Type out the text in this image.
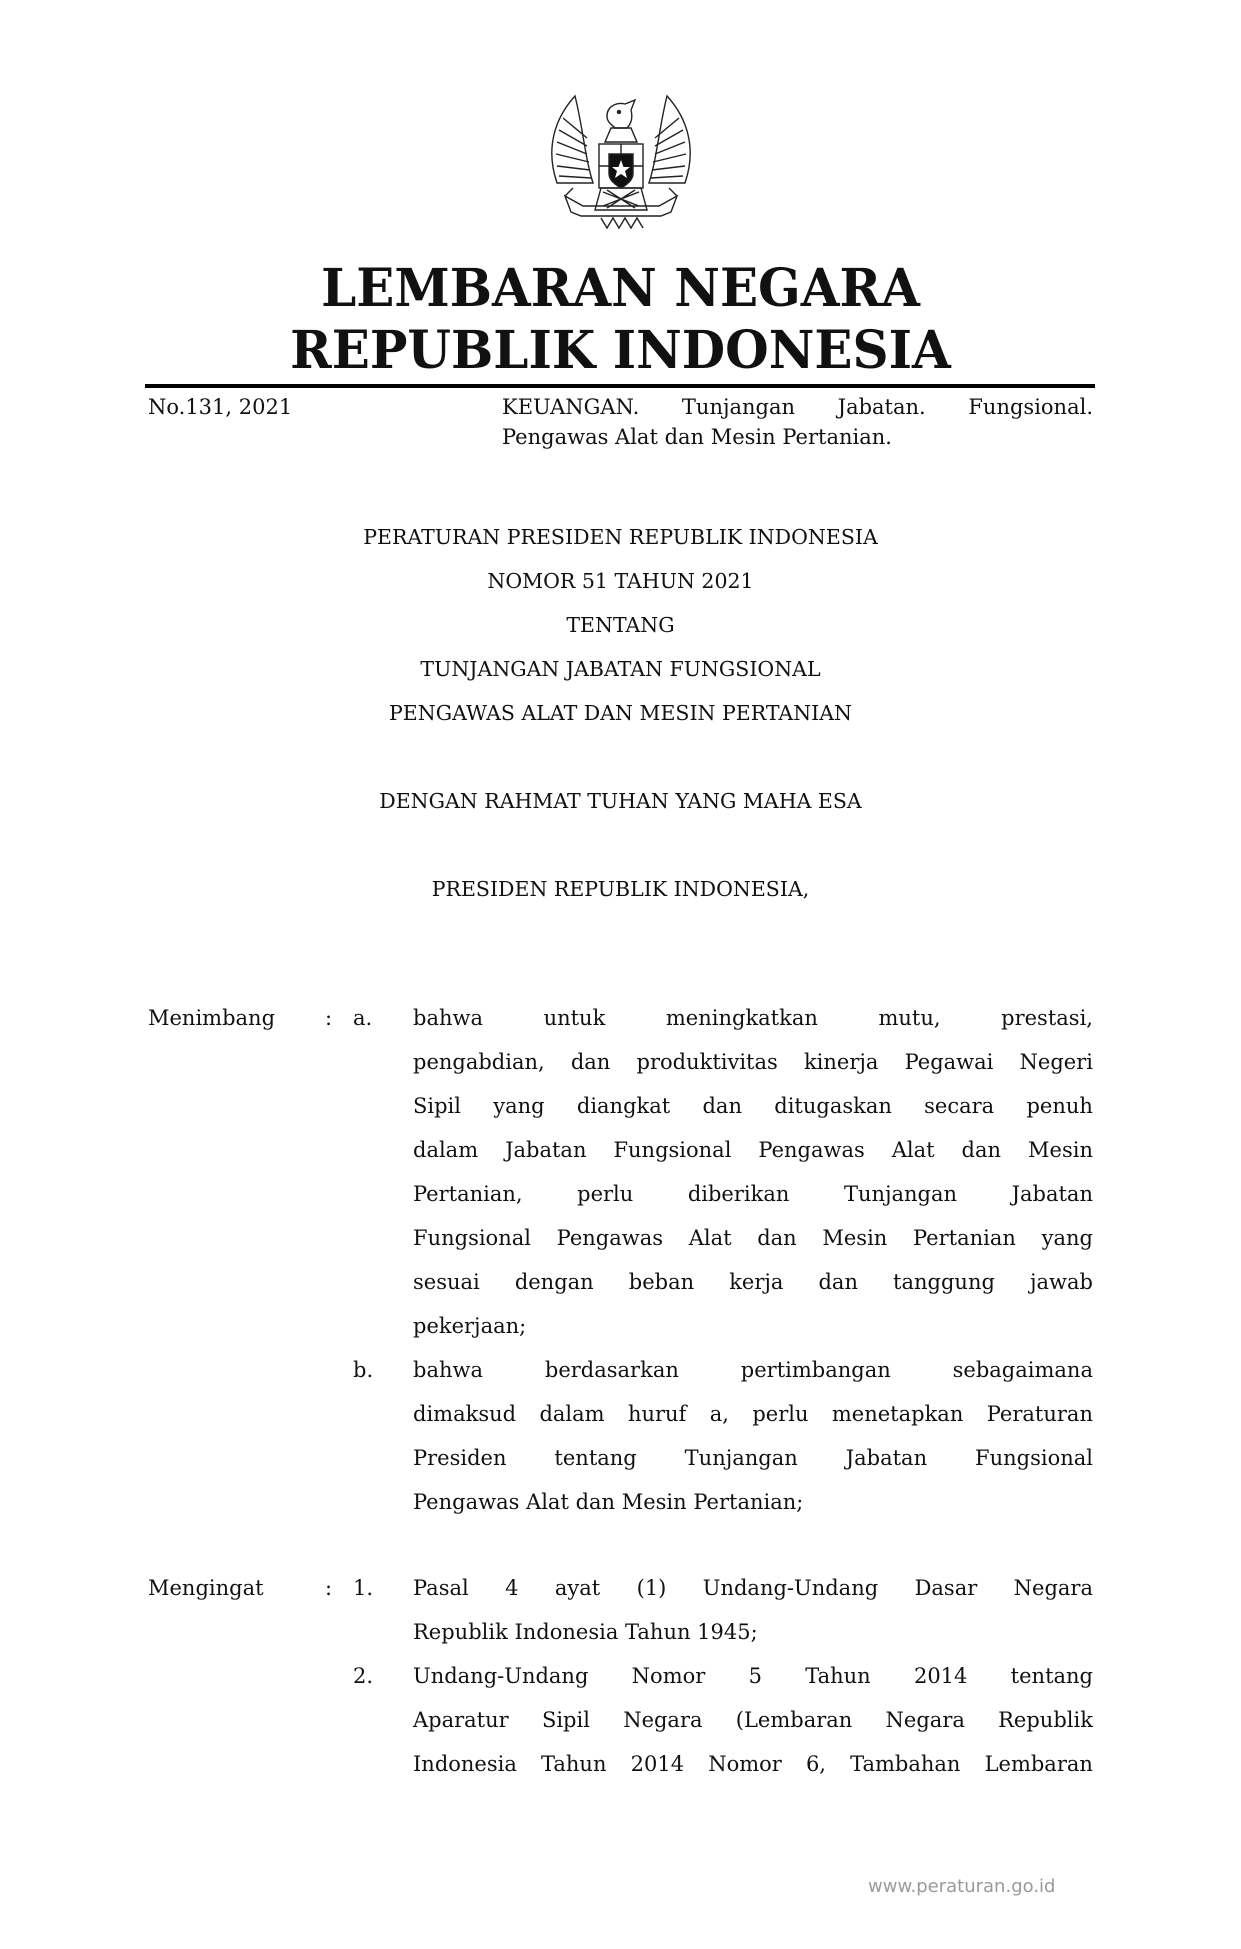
LEMBARAN NEGARA
REPUBLIK INDONESIA
No.131, 2021	KEUANGAN. Tunjangan Jabatan. Fungsional.
Pengawas Alat dan Mesin Pertanian.
PERATURAN PRESIDEN REPUBLIK INDONESIA
NOMOR 51 TAHUN 2021
TENTANG
TUNJANGAN JABATAN FUNGSIONAL
PENGAWAS ALAT DAN MESIN PERTANIAN
DENGAN RAHMAT TUHAN YANG MAHA ESA
PRESIDEN REPUBLIK INDONESIA,
Menimbang : a. bahwa	untuk	meningkatkan	mutu,	prestasi,
pengabdian, dan produktivitas kinerja Pegawai Negeri
Sipil yang diangkat dan ditugaskan secara penuh
dalam Jabatan Fungsional Pengawas Alat dan Mesin
Pertanian,	perlu	diberikan	Tunjangan	Jabatan
Fungsional Pengawas Alat dan Mesin Pertanian yang
sesuai dengan beban kerja dan tanggung jawab
pekerjaan;
b. bahwa	berdasarkan	pertimbangan	sebagaimana
dimaksud dalam huruf a, perlu menetapkan Peraturan
Presiden tentang Tunjangan Jabatan Fungsional
Pengawas Alat dan Mesin Pertanian;
Mengingat	: 1. Pasal 4 ayat (1) Undang-Undang Dasar Negara
Republik Indonesia Tahun 1945;
2. Undang-Undang Nomor 5 Tahun 2014 tentang
Aparatur Sipil Negara (Lembaran Negara Republik
Indonesia Tahun 2014 Nomor 6, Tambahan Lembaran
www.peraturan.go.id
